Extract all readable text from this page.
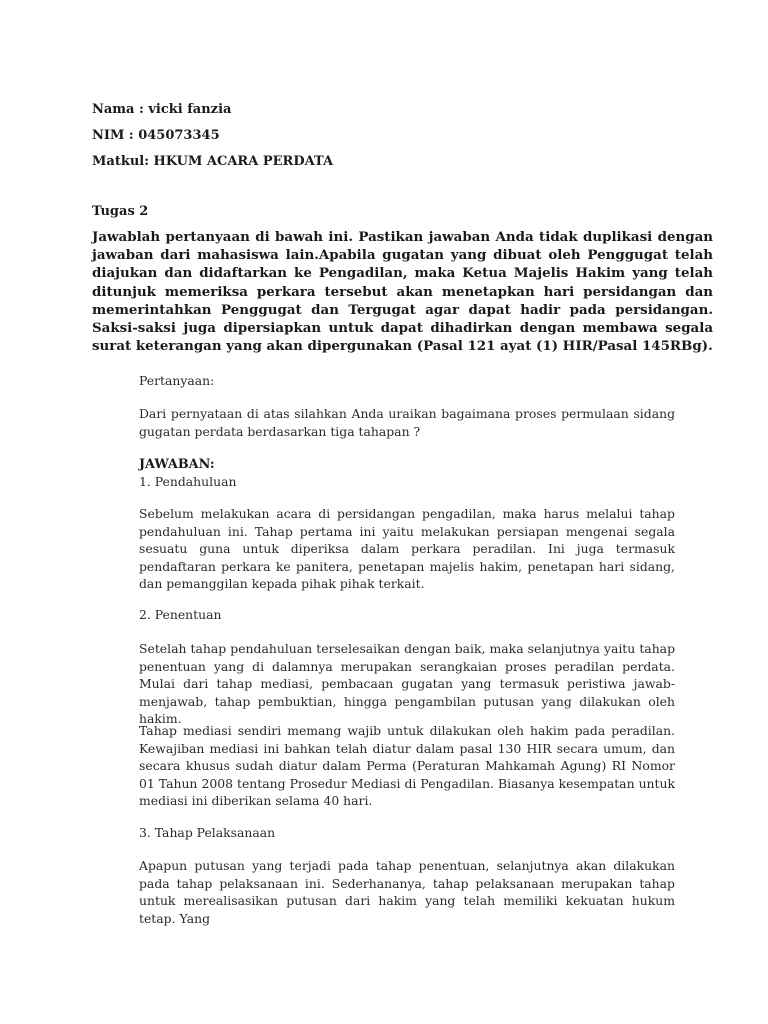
Nama : vicki fanzia
NIM : 045073345
Matkul: HKUM ACARA PERDATA
Tugas 2

Jawablah pertanyaan di bawah ini. Pastikan jawaban Anda tidak duplikasi dengan jawaban dari mahasiswa lain.Apabila gugatan yang dibuat oleh Penggugat telah diajukan dan didaftarkan ke Pengadilan, maka Ketua Majelis Hakim yang telah ditunjuk memeriksa perkara tersebut akan menetapkan hari persidangan dan memerintahkan Penggugat dan Tergugat agar dapat hadir pada persidangan. Saksi-saksi juga dipersiapkan untuk dapat dihadirkan dengan membawa segala surat keterangan yang akan dipergunakan (Pasal 121 ayat (1) HIR/Pasal 145RBg).

Pertanyaan:

Dari pernyataan di atas silahkan Anda uraikan bagaimana proses permulaan sidang gugatan perdata berdasarkan tiga tahapan ?

JAWABAN:

1. Pendahuluan

Sebelum melakukan acara di persidangan pengadilan, maka harus melalui tahap pendahuluan ini. Tahap pertama ini yaitu melakukan persiapan mengenai segala sesuatu guna untuk diperiksa dalam perkara peradilan. Ini juga termasuk pendaftaran perkara ke panitera, penetapan majelis hakim, penetapan hari sidang, dan pemanggilan kepada pihak pihak terkait.

2. Penentuan

Setelah tahap pendahuluan terselesaikan dengan baik, maka selanjutnya yaitu tahap penentuan yang di dalamnya merupakan serangkaian proses peradilan perdata. Mulai dari tahap mediasi, pembacaan gugatan yang termasuk peristiwa jawab-menjawab, tahap pembuktian, hingga pengambilan putusan yang dilakukan oleh hakim.

Tahap mediasi sendiri memang wajib untuk dilakukan oleh hakim pada peradilan. Kewajiban mediasi ini bahkan telah diatur dalam pasal 130 HIR secara umum, dan secara khusus sudah diatur dalam Perma (Peraturan Mahkamah Agung) RI Nomor 01 Tahun 2008 tentang Prosedur Mediasi di Pengadilan. Biasanya kesempatan untuk mediasi ini diberikan selama 40 hari.

3. Tahap Pelaksanaan

Apapun putusan yang terjadi pada tahap penentuan, selanjutnya akan dilakukan pada tahap pelaksanaan ini. Sederhananya, tahap pelaksanaan merupakan tahap untuk merealisasikan putusan dari hakim yang telah memiliki kekuatan hukum tetap. Yang
